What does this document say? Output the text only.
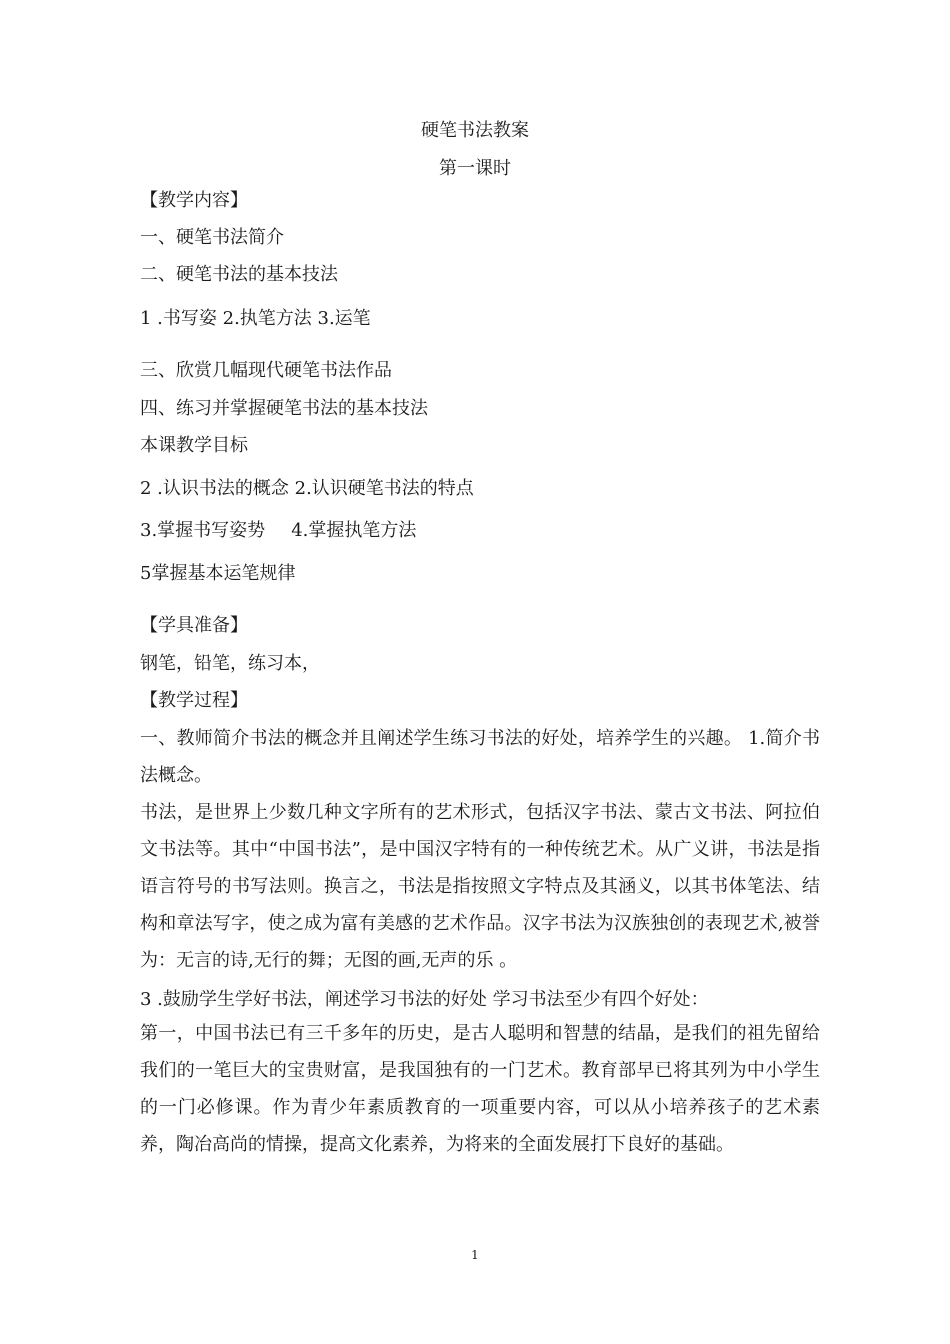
硬笔书法教案
第一课时
【教学内容】
一、硬笔书法简介
二、硬笔书法的基本技法
1 .书写姿 2.执笔方法 3.运笔
三、欣赏几幅现代硬笔书法作品
四、练习并掌握硬笔书法的基本技法
本课教学目标
2 .认识书法的概念 2.认识硬笔书法的特点
3.掌握书写姿势 4.掌握执笔方法
5掌握基本运笔规律
【学具准备】
钢笔，铅笔，练习本，
【教学过程】
一、教师简介书法的概念并且阐述学生练习书法的好处，培养学生的兴趣。 1.简介书法概念。
书法，是世界上少数几种文字所有的艺术形式，包括汉字书法、蒙古文书法、阿拉伯文书法等。其中“中国书法”，是中国汉字特有的一种传统艺术。从广义讲，书法是指语言符号的书写法则。换言之，书法是指按照文字特点及其涵义，以其书体笔法、结构和章法写字，使之成为富有美感的艺术作品。汉字书法为汉族独创的表现艺术,被誉为：无言的诗,无行的舞；无图的画,无声的乐 。
3 .鼓励学生学好书法，阐述学习书法的好处 学习书法至少有四个好处：
第一，中国书法已有三千多年的历史，是古人聪明和智慧的结晶，是我们的祖先留给我们的一笔巨大的宝贵财富，是我国独有的一门艺术。教育部早已将其列为中小学生的一门必修课。作为青少年素质教育的一项重要内容，可以从小培养孩子的艺术素养，陶冶高尚的情操，提高文化素养，为将来的全面发展打下良好的基础。
1
